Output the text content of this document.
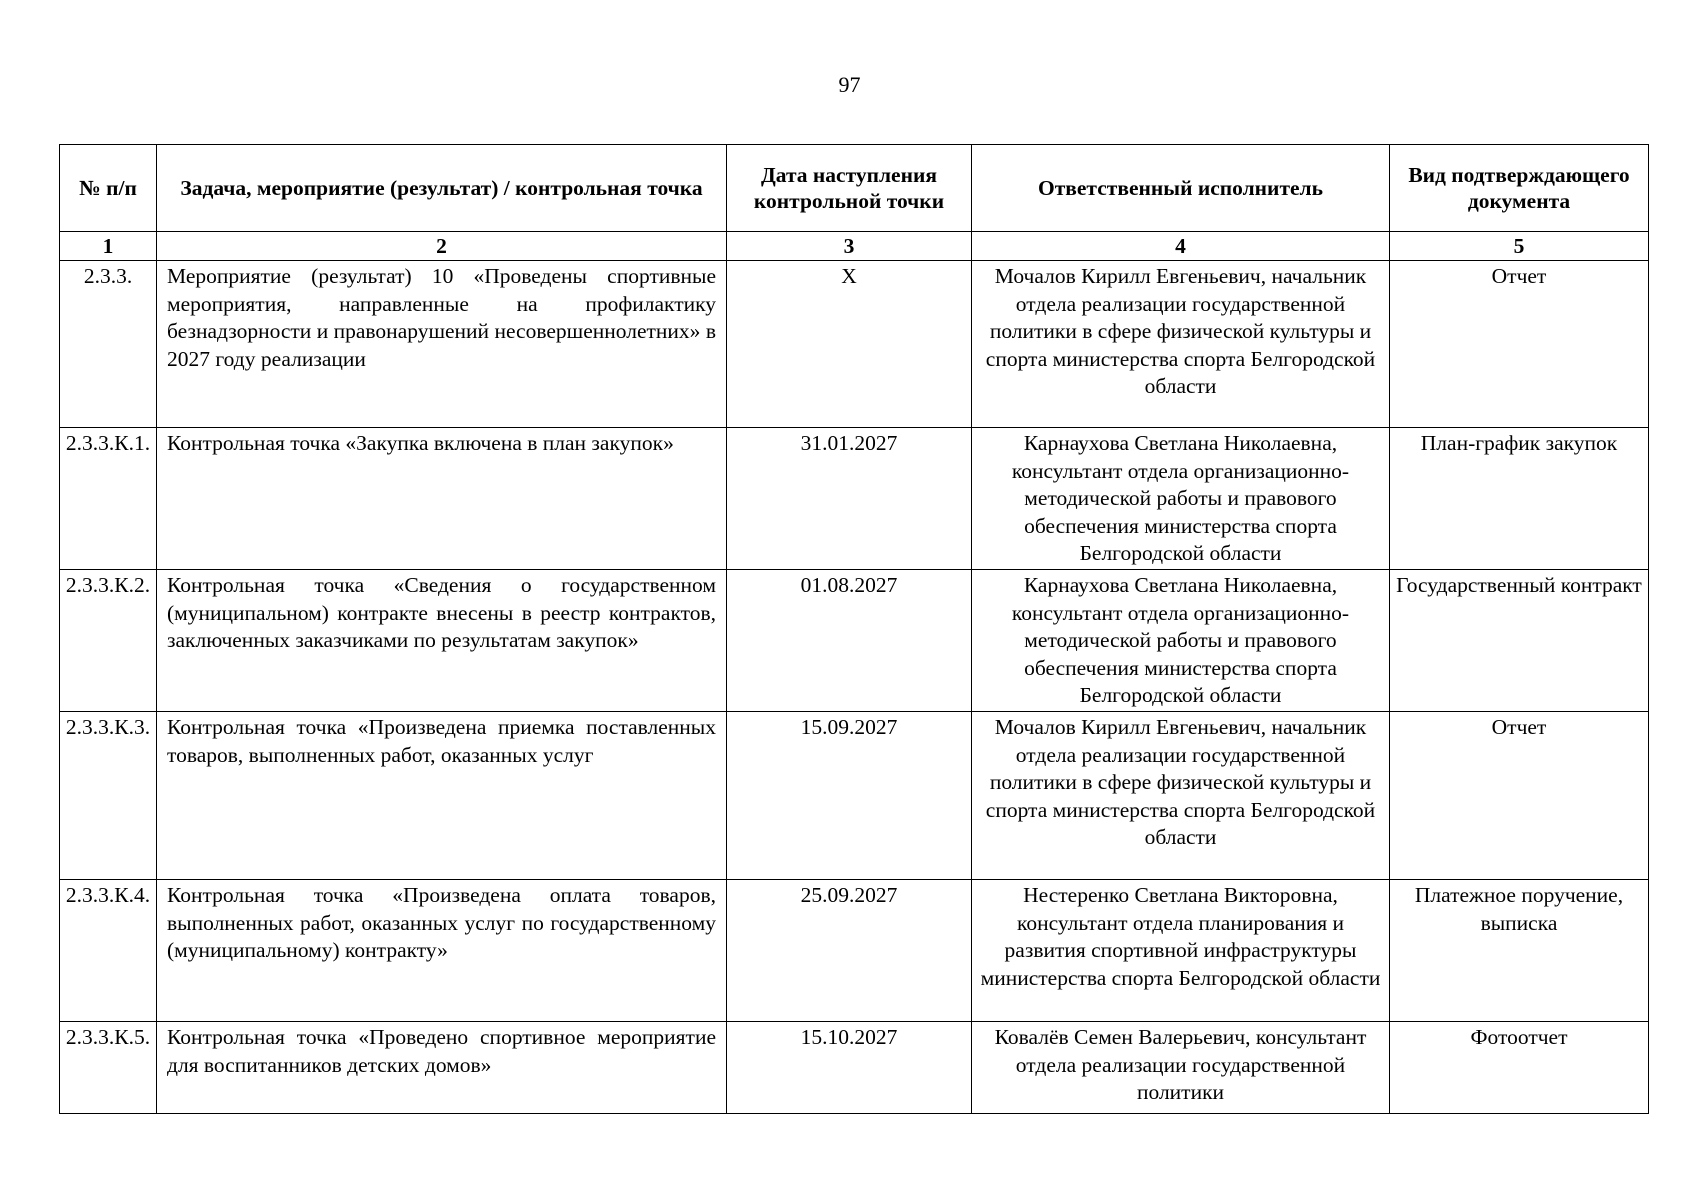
97
№ п/п	Задача, мероприятие (результат) / контрольная точка	Дата наступления контрольной точки	Ответственный исполнитель	Вид подтверждающего документа
1	2	3	4	5
2.3.3.	Мероприятие (результат) 10 «Проведены спортивные мероприятия, направленные на профилактику безнадзорности и правонарушений несовершеннолетних» в 2027 году реализации	Х	Мочалов Кирилл Евгеньевич, начальник отдела реализации государственной политики в сфере физической культуры и спорта министерства спорта Белгородской области	Отчет
2.3.3.К.1.	Контрольная точка «Закупка включена в план закупок»	31.01.2027	Карнаухова Светлана Николаевна, консультант отдела организационно-методической работы и правового обеспечения министерства спорта Белгородской области	План-график закупок
2.3.3.К.2.	Контрольная точка «Сведения о государственном (муниципальном) контракте внесены в реестр контрактов, заключенных заказчиками по результатам закупок»	01.08.2027	Карнаухова Светлана Николаевна, консультант отдела организационно-методической работы и правового обеспечения министерства спорта Белгородской области	Государственный контракт
2.3.3.К.3.	Контрольная точка «Произведена приемка поставленных товаров, выполненных работ, оказанных услуг	15.09.2027	Мочалов Кирилл Евгеньевич, начальник отдела реализации государственной политики в сфере физической культуры и спорта министерства спорта Белгородской области	Отчет
2.3.3.К.4.	Контрольная точка «Произведена оплата товаров, выполненных работ, оказанных услуг по государственному (муниципальному) контракту»	25.09.2027	Нестеренко Светлана Викторовна, консультант отдела планирования и развития спортивной инфраструктуры министерства спорта Белгородской области	Платежное поручение, выписка
2.3.3.К.5.	Контрольная точка «Проведено спортивное мероприятие для воспитанников детских домов»	15.10.2027	Ковалёв Семен Валерьевич, консультант отдела реализации государственной политики	Фотоотчет
